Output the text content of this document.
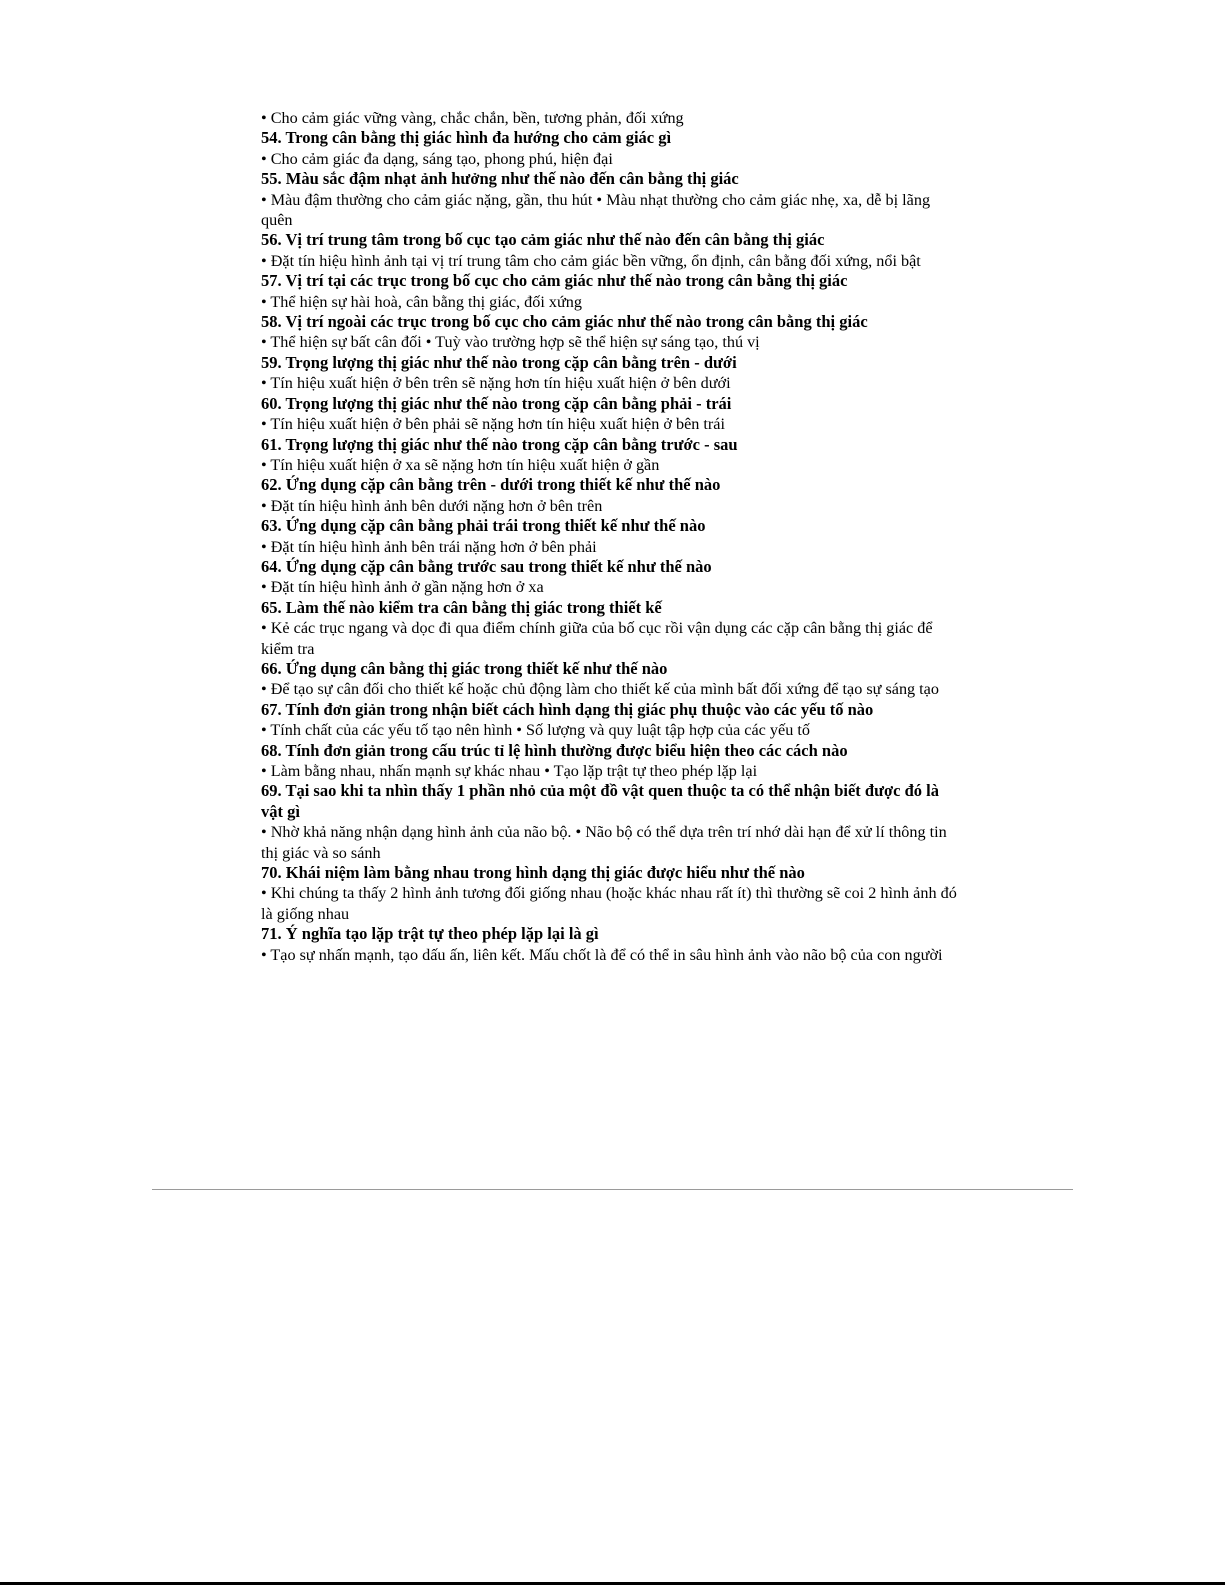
• Cho cảm giác vững vàng, chắc chắn, bền, tương phản, đối xứng

54. Trong cân bằng thị giác hình đa hướng cho cảm giác gì

• Cho cảm giác đa dạng, sáng tạo, phong phú, hiện đại

55. Màu sắc đậm nhạt ảnh hưởng như thế nào đến cân bằng thị giác

• Màu đậm thường cho cảm giác nặng, gần, thu hút • Màu nhạt thường cho cảm giác nhẹ, xa, dễ bị lãng quên

56. Vị trí trung tâm trong bố cục tạo cảm giác như thế nào đến cân bằng thị giác

• Đặt tín hiệu hình ảnh tại vị trí trung tâm cho cảm giác bền vững, ổn định, cân bằng đối xứng, nổi bật

57. Vị trí tại các trục trong bố cục cho cảm giác như thế nào trong cân bằng thị giác

• Thể hiện sự hài hoà, cân bằng thị giác, đối xứng

58. Vị trí ngoài các trục trong bố cục cho cảm giác như thế nào trong cân bằng thị giác

• Thể hiện sự bất cân đối • Tuỳ vào trường hợp sẽ thể hiện sự sáng tạo, thú vị

59. Trọng lượng thị giác như thế nào trong cặp cân bằng trên - dưới

• Tín hiệu xuất hiện ở bên trên sẽ nặng hơn tín hiệu xuất hiện ở bên dưới

60. Trọng lượng thị giác như thế nào trong cặp cân bằng phải - trái

• Tín hiệu xuất hiện ở bên phải sẽ nặng hơn tín hiệu xuất hiện ở bên trái

61. Trọng lượng thị giác như thế nào trong cặp cân bằng trước - sau

• Tín hiệu xuất hiện ở xa sẽ nặng hơn tín hiệu xuất hiện ở gần

62. Ứng dụng cặp cân bằng trên - dưới trong thiết kế như thế nào

• Đặt tín hiệu hình ảnh bên dưới nặng hơn ở bên trên

63. Ứng dụng cặp cân bằng phải trái trong thiết kế như thế nào

• Đặt tín hiệu hình ảnh bên trái nặng hơn ở bên phải

64. Ứng dụng cặp cân bằng trước sau trong thiết kế như thế nào

• Đặt tín hiệu hình ảnh ở gần nặng hơn ở xa

65. Làm thế nào kiểm tra cân bằng thị giác trong thiết kế

• Kẻ các trục ngang và dọc đi qua điểm chính giữa của bố cục rồi vận dụng các cặp cân bằng thị giác để kiểm tra

66. Ứng dụng cân bằng thị giác trong thiết kế như thế nào

• Để tạo sự cân đối cho thiết kế hoặc chủ động làm cho thiết kế của mình bất đối xứng để tạo sự sáng tạo

67. Tính đơn giản trong nhận biết cách hình dạng thị giác phụ thuộc vào các yếu tố nào

• Tính chất của các yếu tố tạo nên hình • Số lượng và quy luật tập hợp của các yếu tố

68. Tính đơn giản trong cấu trúc tỉ lệ hình thường được biểu hiện theo các cách nào

• Làm bằng nhau, nhấn mạnh sự khác nhau • Tạo lặp trật tự theo phép lặp lại

69. Tại sao khi ta nhìn thấy 1 phần nhỏ của một đồ vật quen thuộc ta có thể nhận biết được đó là vật gì

• Nhờ khả năng nhận dạng hình ảnh của não bộ. • Não bộ có thể dựa trên trí nhớ dài hạn để xử lí thông tin thị giác và so sánh

70. Khái niệm làm bằng nhau trong hình dạng thị giác được hiểu như thế nào

• Khi chúng ta thấy 2 hình ảnh tương đối giống nhau (hoặc khác nhau rất ít) thì thường sẽ coi 2 hình ảnh đó là giống nhau

71. Ý nghĩa tạo lặp trật tự theo phép lặp lại là gì

• Tạo sự nhấn mạnh, tạo dấu ấn, liên kết. Mấu chốt là để có thể in sâu hình ảnh vào não bộ của con người
